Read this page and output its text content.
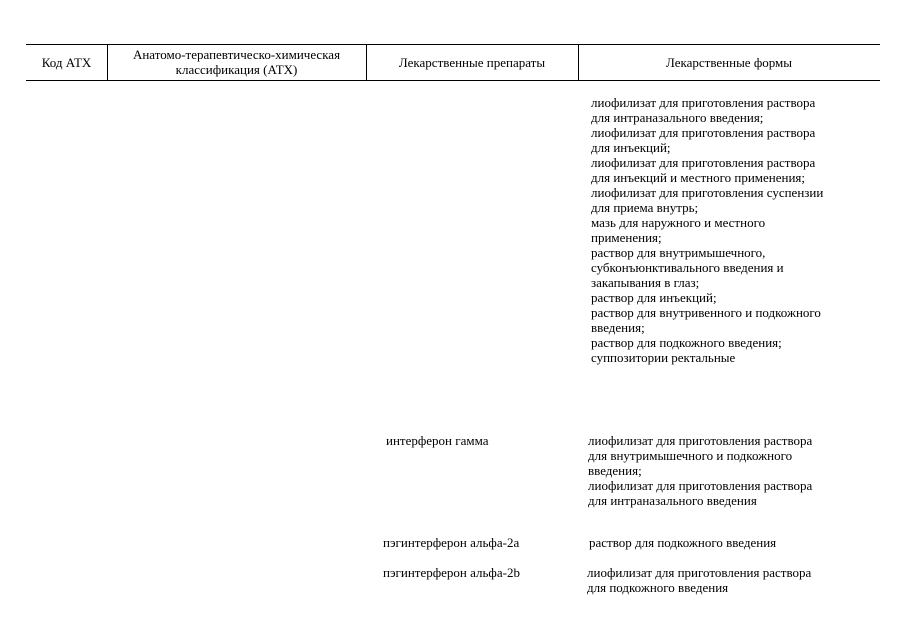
Код АТХ	Анатомо-терапевтическо-химическая
классификация (АТХ)	Лекарственные препараты	Лекарственные формы
лиофилизат для приготовления раствора
для интраназального введения;
лиофилизат для приготовления раствора
для инъекций;
лиофилизат для приготовления раствора
для инъекций и местного применения;
лиофилизат для приготовления суспензии
для приема внутрь;
мазь для наружного и местного
применения;
раствор для внутримышечного,
субконъюнктивального введения и
закапывания в глаз;
раствор для инъекций;
раствор для внутривенного и подкожного
введения;
раствор для подкожного введения;
суппозитории ректальные
интерферон гамма	лиофилизат для приготовления раствора
для внутримышечного и подкожного
введения;
лиофилизат для приготовления раствора
для интраназального введения
пэгинтерферон альфа-2a	раствор для подкожного введения
пэгинтерферон альфа-2b	лиофилизат для приготовления раствора
для подкожного введения
